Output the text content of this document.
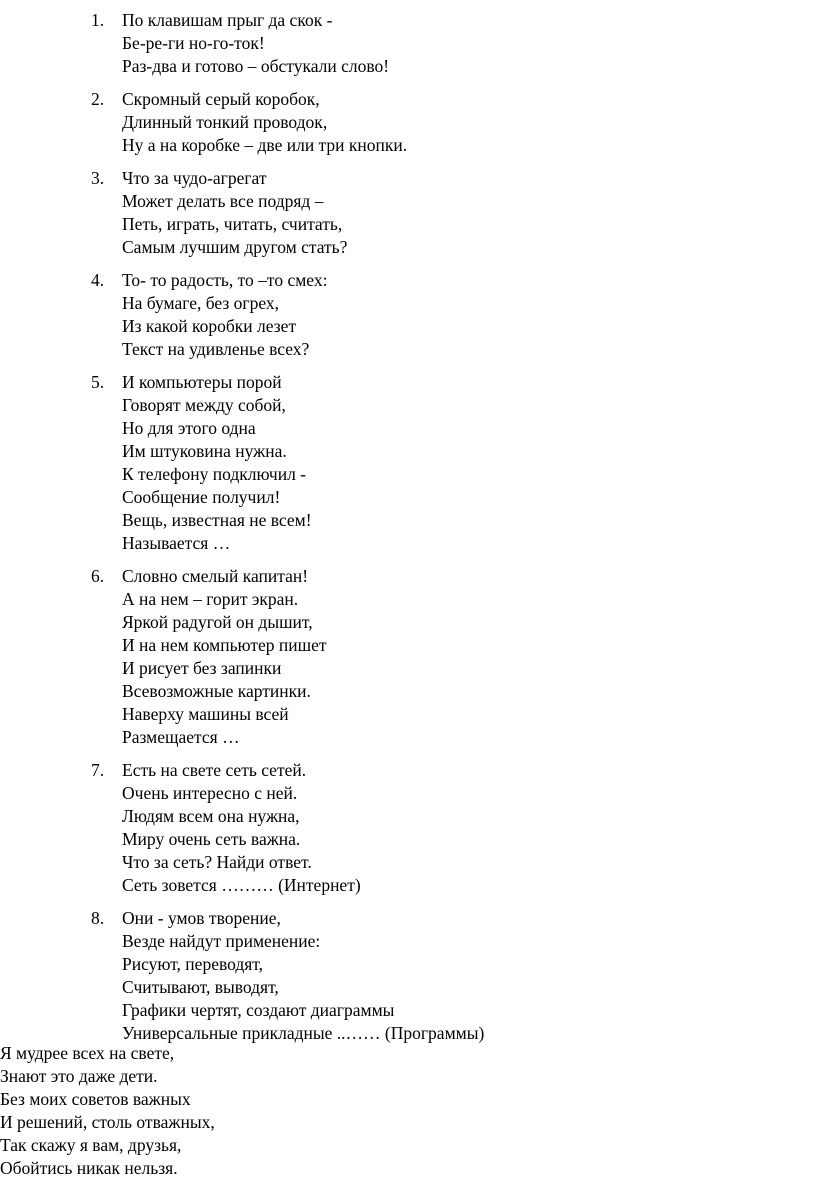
1.	По клавишам прыг да скок -
Бе-ре-ги но-го-ток!
Раз-два и готово – обстукали слово!
2.	Скромный серый коробок,
Длинный тонкий проводок,
Ну а на коробке – две или три кнопки.
3.	Что за чудо-агрегат
Может делать все подряд –
Петь, играть, читать, считать,
Самым лучшим другом стать?
4.	То- то радость, то –то смех:
На бумаге, без огрех,
Из какой коробки лезет
Текст на удивленье всех?
5.	И компьютеры порой
Говорят между собой,
Но для этого одна
Им штуковина нужна.
К телефону подключил -
Сообщение получил!
Вещь, известная не всем!
Называется …
6.	Словно смелый капитан!
А на нем – горит экран.
Яркой радугой он дышит,
И на нем компьютер пишет
И рисует без запинки
Всевозможные картинки.
Наверху машины всей
Размещается …
7.	Есть на свете сеть сетей.
Очень интересно с ней.
Людям всем она нужна,
Миру очень сеть важна.
Что за сеть? Найди ответ.
Сеть зовется ……… (Интернет)
8.	Они - умов творение,
Везде найдут применение:
Рисуют, переводят,
Считывают, выводят,
Графики чертят, создают диаграммы
Универсальные прикладные ..…… (Программы)
Я мудрее всех на свете,
Знают это даже дети.
Без моих советов важных
И решений, столь отважных,
Так скажу я вам, друзья,
Обойтись никак нельзя.
